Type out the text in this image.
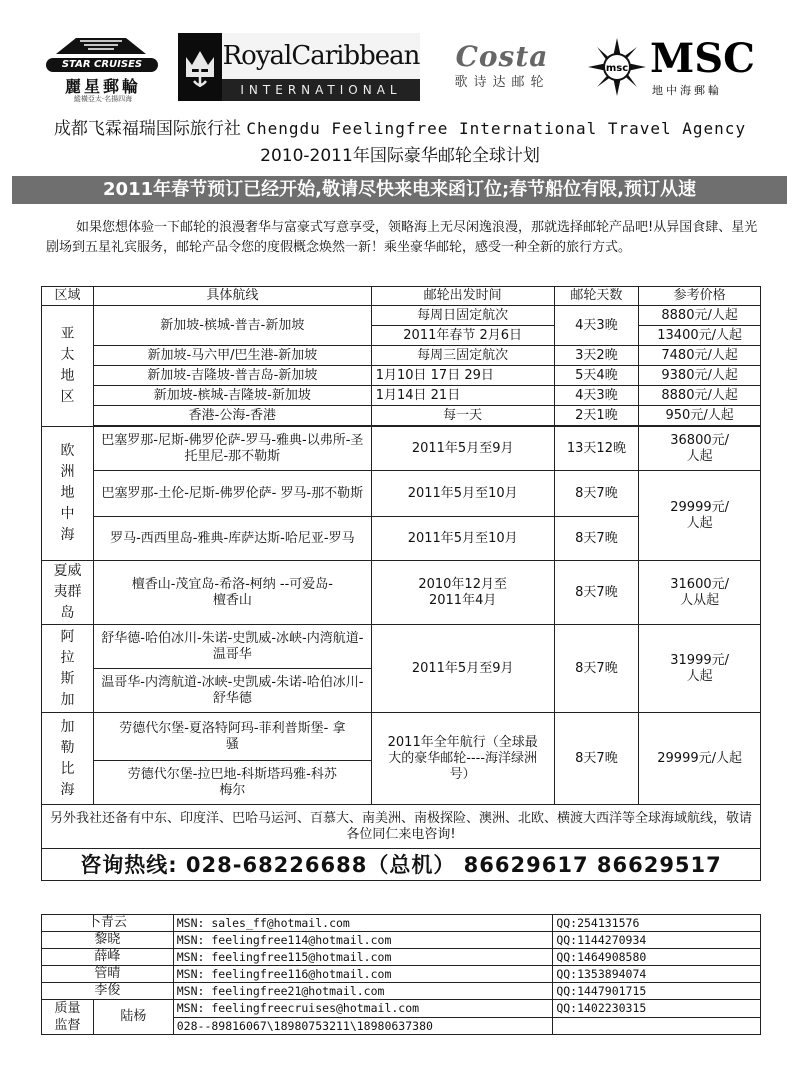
STAR CRUISES
麗星郵輪
縱橫亞太·名揚四海
RoyalCaribbean
INTERNATIONAL
Costa
歌诗达邮轮
msc MSC
地中海郵輪
成都飞霖福瑞国际旅行社 Chengdu Feelingfree International Travel Agency
2010-2011年国际豪华邮轮全球计划
2011年春节预订已经开始,敬请尽快来电来函订位;春节船位有限,预订从速
如果您想体验一下邮轮的浪漫奢华与富豪式写意享受，领略海上无尽闲逸浪漫，那就选择邮轮产品吧!从异国食肆、星光剧场到五星礼宾服务，邮轮产品令您的度假概念焕然一新！乘坐豪华邮轮，感受一种全新的旅行方式。
区域	具体航线	邮轮出发时间	邮轮天数	参考价格
亚太地区	新加坡-槟城-普吉-新加坡	每周日固定航次	4天3晚	8880元/人起
		2011年春节 2月6日		13400元/人起
	新加坡-马六甲/巴生港-新加坡	每周三固定航次	3天2晚	7480元/人起
	新加坡-吉隆坡-普吉岛-新加坡	1月10日 17日 29日	5天4晚	9380元/人起
	新加坡-槟城-吉隆坡-新加坡	1月14日 21日	4天3晚	8880元/人起
	香港-公海-香港	每一天	2天1晚	950元/人起

欧洲地中海	巴塞罗那-尼斯-佛罗伦萨-罗马-雅典-以弗所-圣托里尼-那不勒斯	2011年5月至9月	13天12晚	36800元/人起
	巴塞罗那-土伦-尼斯-佛罗伦萨- 罗马-那不勒斯	2011年5月至10月	8天7晚	29999元/人起
	罗马-西西里岛-雅典-库萨达斯-哈尼亚-罗马	2011年5月至10月	8天7晚	
夏威夷群岛	檀香山-茂宜岛-希洛-柯纳 --可爱岛-檀香山	2010年12月至2011年4月	8天7晚	31600元/人从起
阿拉斯加	舒华德-哈伯冰川-朱诺-史凯威-冰峡-内湾航道-温哥华	2011年5月至9月	8天7晚	31999元/人起
	温哥华-内湾航道-冰峡-史凯威-朱诺-哈伯冰川-舒华德			
加勒比海	劳德代尔堡-夏洛特阿玛-菲利普斯堡- 拿骚	2011年全年航行（全球最大的豪华邮轮----海洋绿洲号）	8天7晚	29999元/人起
	劳德代尔堡-拉巴地-科斯塔玛雅-科苏梅尔			
另外我社还备有中东、印度洋、巴哈马运河、百慕大、南美洲、南极探险、澳洲、北欧、横渡大西洋等全球海域航线，敬请各位同仁来电咨询!				
咨询热线: 028-68226688（总机） 86629617 86629517				
卜青云		MSN: sales_ff@hotmail.com	QQ:254131576
黎晓		MSN: feelingfree114@hotmail.com	QQ:1144270934
薛峰		MSN: feelingfree115@hotmail.com	QQ:1464908580
管晴		MSN: feelingfree116@hotmail.com	QQ:1353894074
李俊		MSN: feelingfree21@hotmail.com	QQ:1447901715
质量监督	陆杨	MSN: feelingfreecruises@hotmail.com	QQ:1402230315
		028--89816067\18980753211\18980637380	
